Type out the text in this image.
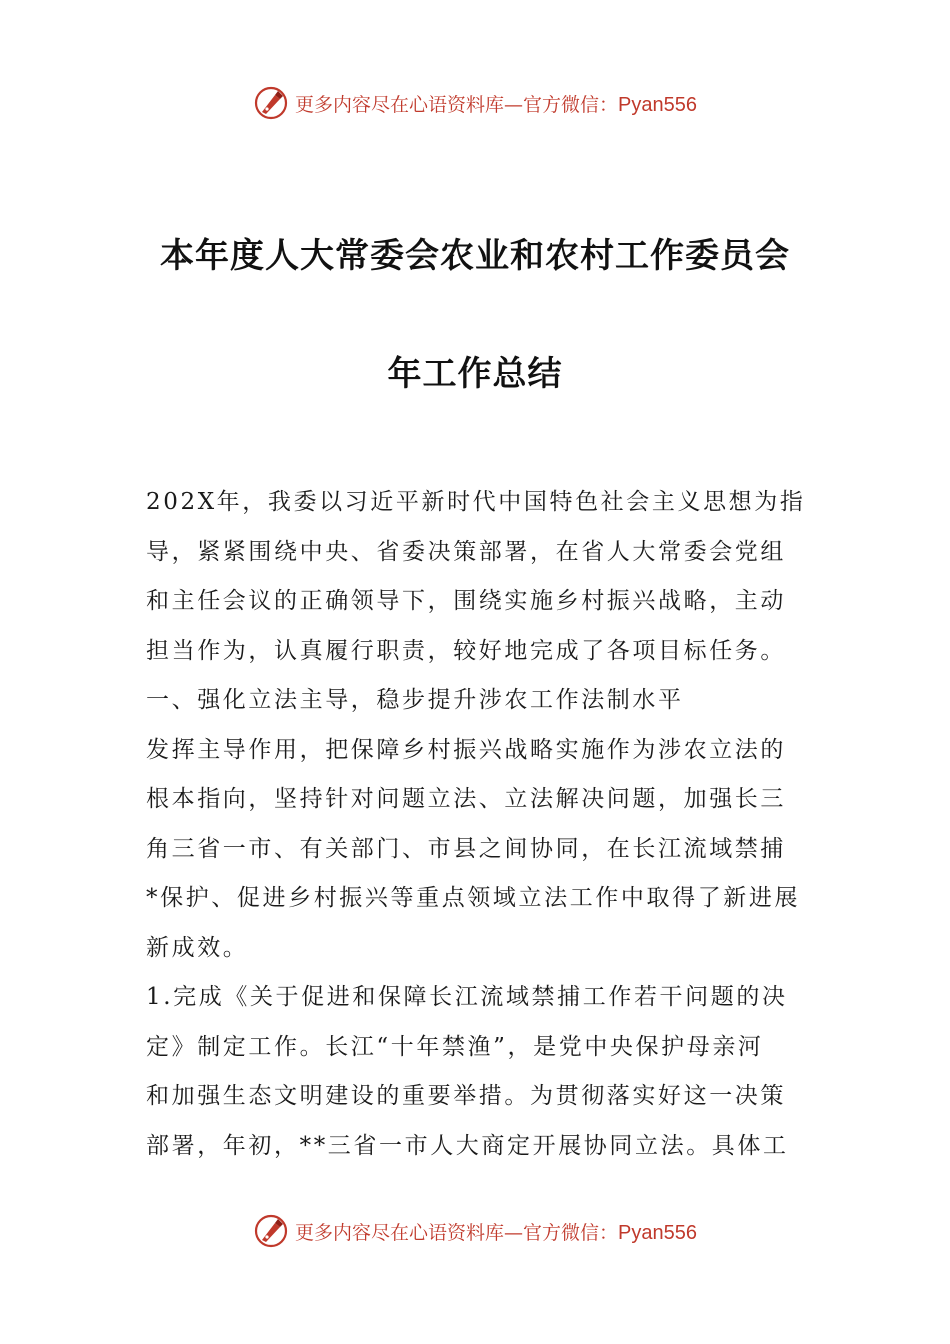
更多内容尽在心语资料库—官方微信：Pyan556
本年度人大常委会农业和农村工作委员会
年工作总结
202X年，我委以习近平新时代中国特色社会主义思想为指
导，紧紧围绕中央、省委决策部署，在省人大常委会党组
和主任会议的正确领导下，围绕实施乡村振兴战略，主动
担当作为，认真履行职责，较好地完成了各项目标任务。
一、强化立法主导，稳步提升涉农工作法制水平
发挥主导作用，把保障乡村振兴战略实施作为涉农立法的
根本指向，坚持针对问题立法、立法解决问题，加强长三
角三省一市、有关部门、市县之间协同，在长江流域禁捕
*保护、促进乡村振兴等重点领域立法工作中取得了新进展
新成效。
1.完成《关于促进和保障长江流域禁捕工作若干问题的决
定》制定工作。长江“十年禁渔”，是党中央保护母亲河
和加强生态文明建设的重要举措。为贯彻落实好这一决策
部署，年初，**三省一市人大商定开展协同立法。具体工
更多内容尽在心语资料库—官方微信：Pyan556
